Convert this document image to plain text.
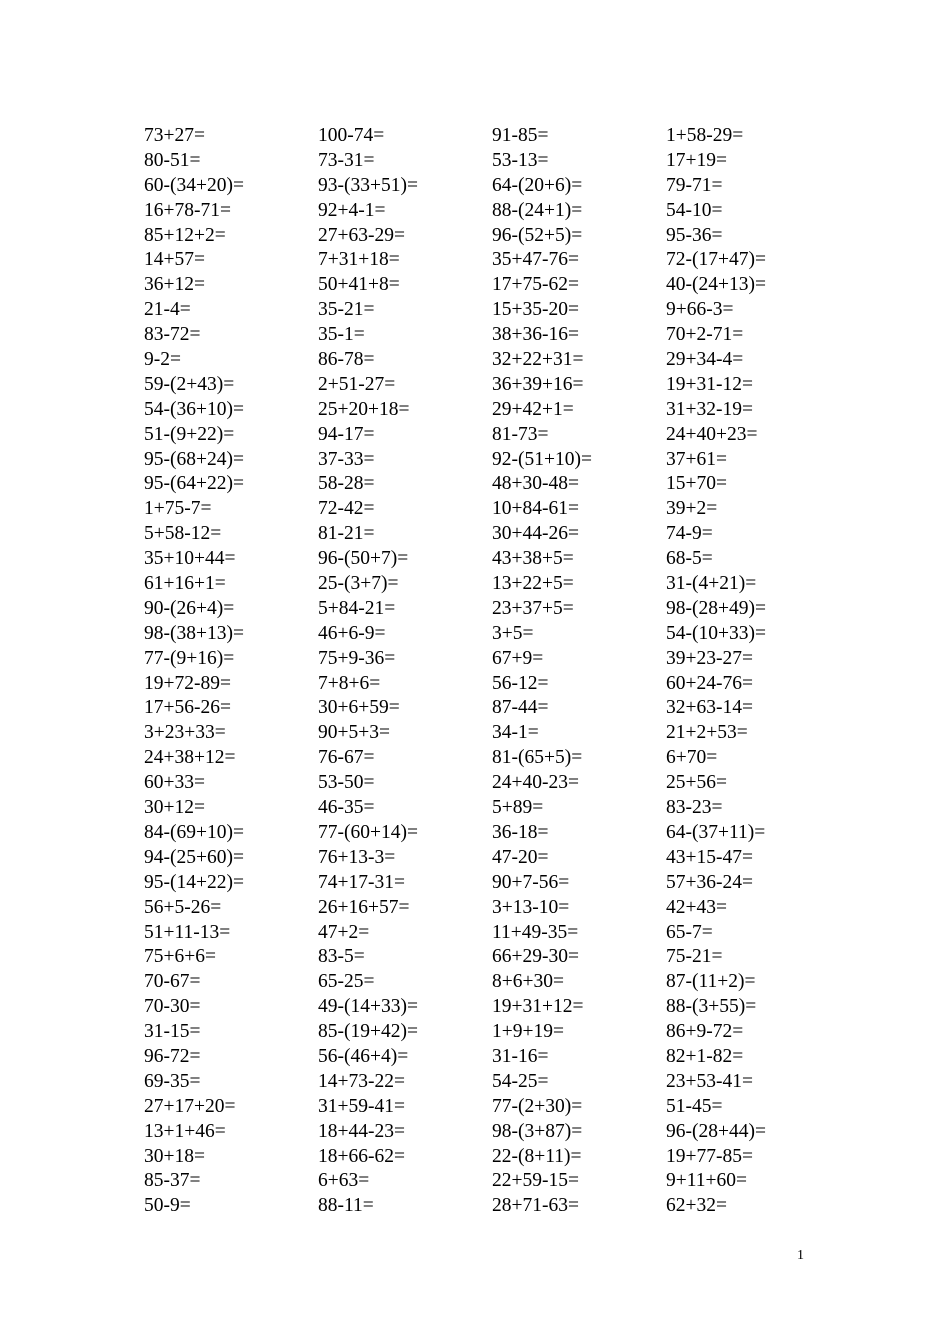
73+27=
80-51=
60-(34+20)=
16+78-71=
85+12+2=
14+57=
36+12=
21-4=
83-72=
9-2=
59-(2+43)=
54-(36+10)=
51-(9+22)=
95-(68+24)=
95-(64+22)=
1+75-7=
5+58-12=
35+10+44=
61+16+1=
90-(26+4)=
98-(38+13)=
77-(9+16)=
19+72-89=
17+56-26=
3+23+33=
24+38+12=
60+33=
30+12=
84-(69+10)=
94-(25+60)=
95-(14+22)=
56+5-26=
51+11-13=
75+6+6=
70-67=
70-30=
31-15=
96-72=
69-35=
27+17+20=
13+1+46=
30+18=
85-37=
50-9=
100-74=
73-31=
93-(33+51)=
92+4-1=
27+63-29=
7+31+18=
50+41+8=
35-21=
35-1=
86-78=
2+51-27=
25+20+18=
94-17=
37-33=
58-28=
72-42=
81-21=
96-(50+7)=
25-(3+7)=
5+84-21=
46+6-9=
75+9-36=
7+8+6=
30+6+59=
90+5+3=
76-67=
53-50=
46-35=
77-(60+14)=
76+13-3=
74+17-31=
26+16+57=
47+2=
83-5=
65-25=
49-(14+33)=
85-(19+42)=
56-(46+4)=
14+73-22=
31+59-41=
18+44-23=
18+66-62=
6+63=
88-11=
91-85=
53-13=
64-(20+6)=
88-(24+1)=
96-(52+5)=
35+47-76=
17+75-62=
15+35-20=
38+36-16=
32+22+31=
36+39+16=
29+42+1=
81-73=
92-(51+10)=
48+30-48=
10+84-61=
30+44-26=
43+38+5=
13+22+5=
23+37+5=
3+5=
67+9=
56-12=
87-44=
34-1=
81-(65+5)=
24+40-23=
5+89=
36-18=
47-20=
90+7-56=
3+13-10=
11+49-35=
66+29-30=
8+6+30=
19+31+12=
1+9+19=
31-16=
54-25=
77-(2+30)=
98-(3+87)=
22-(8+11)=
22+59-15=
28+71-63=
1+58-29=
17+19=
79-71=
54-10=
95-36=
72-(17+47)=
40-(24+13)=
9+66-3=
70+2-71=
29+34-4=
19+31-12=
31+32-19=
24+40+23=
37+61=
15+70=
39+2=
74-9=
68-5=
31-(4+21)=
98-(28+49)=
54-(10+33)=
39+23-27=
60+24-76=
32+63-14=
21+2+53=
6+70=
25+56=
83-23=
64-(37+11)=
43+15-47=
57+36-24=
42+43=
65-7=
75-21=
87-(11+2)=
88-(3+55)=
86+9-72=
82+1-82=
23+53-41=
51-45=
96-(28+44)=
19+77-85=
9+11+60=
62+32=
1
